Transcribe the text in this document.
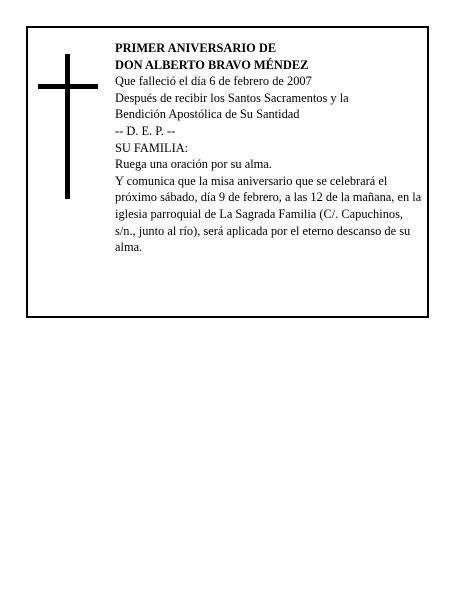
PRIMER ANIVERSARIO DE

DON ALBERTO BRAVO MÉNDEZ

Que falleció el día 6 de febrero de 2007

Después de recibir los Santos Sacramentos y la

Bendición Apostólica de Su Santidad

-- D. E. P. --

SU FAMILIA:

Ruega una oración por su alma.

Y comunica que la misa aniversario que se celebrará el próximo sábado, día 9 de febrero, a las 12 de la mañana, en la iglesia parroquial de La Sagrada Familia (C/. Capuchinos, s/n., junto al río), será aplicada por el eterno descanso de su alma.
